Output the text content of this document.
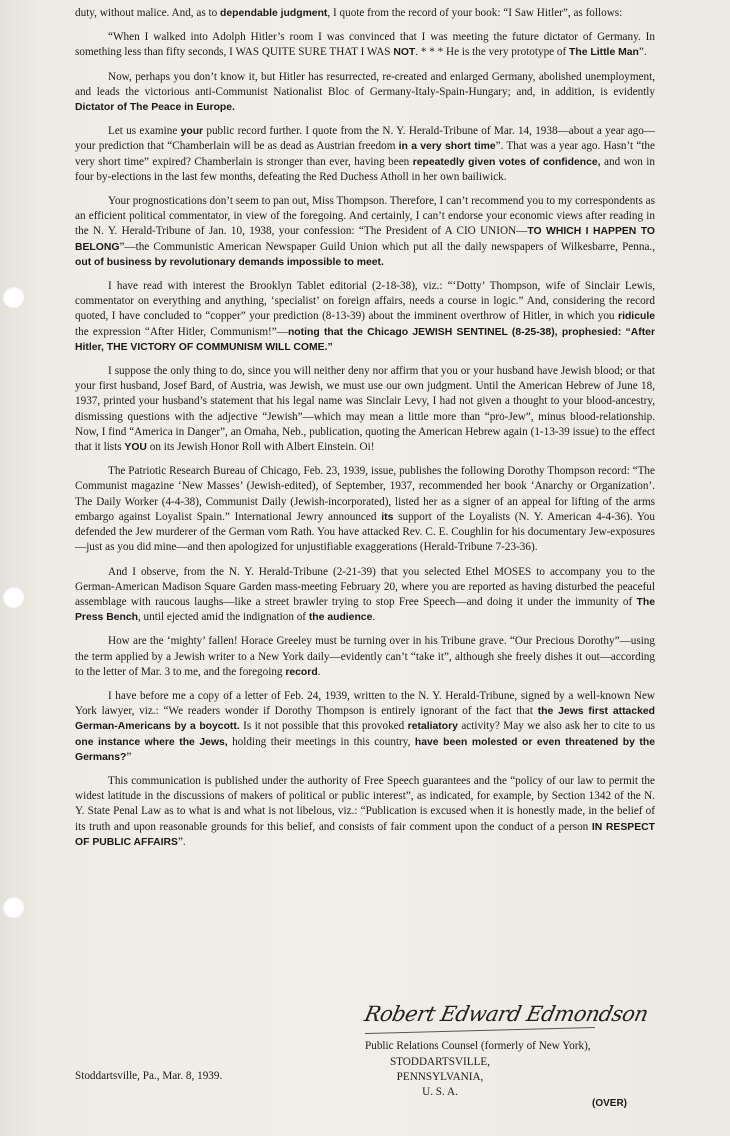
duty, without malice. And, as to dependable judgment, I quote from the record of your book: “I Saw Hitler”, as follows:

“When I walked into Adolph Hitler’s room I was convinced that I was meeting the future dictator of Germany. In something less than fifty seconds, I WAS QUITE SURE THAT I WAS NOT. * * * He is the very prototype of The Little Man”.

Now, perhaps you don’t know it, but Hitler has resurrected, re-created and enlarged Germany, abolished unemployment, and leads the victorious anti-Communist Nationalist Bloc of Germany-Italy-Spain-Hungary; and, in addition, is evidently Dictator of The Peace in Europe.

Let us examine your public record further. I quote from the N. Y. Herald-Tribune of Mar. 14, 1938—about a year ago—your prediction that “Chamberlain will be as dead as Austrian freedom in a very short time”. That was a year ago. Hasn’t “the very short time” expired? Chamberlain is stronger than ever, having been repeatedly given votes of confidence, and won in four by-elections in the last few months, defeating the Red Duchess Atholl in her own bailiwick.

Your prognostications don’t seem to pan out, Miss Thompson. Therefore, I can’t recommend you to my correspondents as an efficient political commentator, in view of the foregoing. And certainly, I can’t endorse your economic views after reading in the N. Y. Herald-Tribune of Jan. 10, 1938, your confession: “The President of A CIO UNION—TO WHICH I HAPPEN TO BELONG”—the Communistic American Newspaper Guild Union which put all the daily newspapers of Wilkesbarre, Penna., out of business by revolutionary demands impossible to meet.

I have read with interest the Brooklyn Tablet editorial (2-18-38), viz.: “‘Dotty’ Thompson, wife of Sinclair Lewis, commentator on everything and anything, ‘specialist’ on foreign affairs, needs a course in logic.” And, considering the record quoted, I have concluded to “copper” your prediction (8-13-39) about the imminent overthrow of Hitler, in which you ridicule the expression “After Hitler, Communism!”—noting that the Chicago JEWISH SENTINEL (8-25-38), prophesied: “After Hitler, THE VICTORY OF COMMUNISM WILL COME.”

I suppose the only thing to do, since you will neither deny nor affirm that you or your husband have Jewish blood; or that your first husband, Josef Bard, of Austria, was Jewish, we must use our own judgment. Until the American Hebrew of June 18, 1937, printed your husband’s statement that his legal name was Sinclair Levy, I had not given a thought to your blood-ancestry, dismissing questions with the adjective “Jewish”—which may mean a little more than “pro-Jew”, minus blood-relationship. Now, I find “America in Danger”, an Omaha, Neb., publication, quoting the American Hebrew again (1-13-39 issue) to the effect that it lists YOU on its Jewish Honor Roll with Albert Einstein. Oi!

The Patriotic Research Bureau of Chicago, Feb. 23, 1939, issue, publishes the following Dorothy Thompson record: “The Communist magazine ‘New Masses’ (Jewish-edited), of September, 1937, recommended her book ‘Anarchy or Organization’. The Daily Worker (4-4-38), Communist Daily (Jewish-incorporated), listed her as a signer of an appeal for lifting of the arms embargo against Loyalist Spain.” International Jewry announced its support of the Loyalists (N. Y. American 4-4-36). You defended the Jew murderer of the German vom Rath. You have attacked Rev. C. E. Coughlin for his documentary Jew-exposures—just as you did mine—and then apologized for unjustifiable exaggerations (Herald-Tribune 7-23-36).

And I observe, from the N. Y. Herald-Tribune (2-21-39) that you selected Ethel MOSES to accompany you to the German-American Madison Square Garden mass-meeting February 20, where you are reported as having disturbed the peaceful assemblage with raucous laughs—like a street brawler trying to stop Free Speech—and doing it under the immunity of The Press Bench, until ejected amid the indignation of the audience.

How are the ‘mighty’ fallen! Horace Greeley must be turning over in his Tribune grave. “Our Precious Dorothy”—using the term applied by a Jewish writer to a New York daily—evidently can’t “take it”, although she freely dishes it out—according to the letter of Mar. 3 to me, and the foregoing record.

I have before me a copy of a letter of Feb. 24, 1939, written to the N. Y. Herald-Tribune, signed by a well-known New York lawyer, viz.: “We readers wonder if Dorothy Thompson is entirely ignorant of the fact that the Jews first attacked German-Americans by a boycott. Is it not possible that this provoked retaliatory activity? May we also ask her to cite to us one instance where the Jews, holding their meetings in this country, have been molested or even threatened by the Germans?”

This communication is published under the authority of Free Speech guarantees and the “policy of our law to permit the widest latitude in the discussions of makers of political or public interest”, as indicated, for example, by Section 1342 of the N. Y. State Penal Law as to what is and what is not libelous, viz.: “Publication is excused when it is honestly made, in the belief of its truth and upon reasonable grounds for this belief, and consists of fair comment upon the conduct of a person IN RESPECT OF PUBLIC AFFAIRS”.

Robert Edward Edmondson
Public Relations Counsel (formerly of New York),
STODDARTSVILLE,
PENNSYLVANIA,
U. S. A.
Stoddartsville, Pa., Mar. 8, 1939.
(OVER)
